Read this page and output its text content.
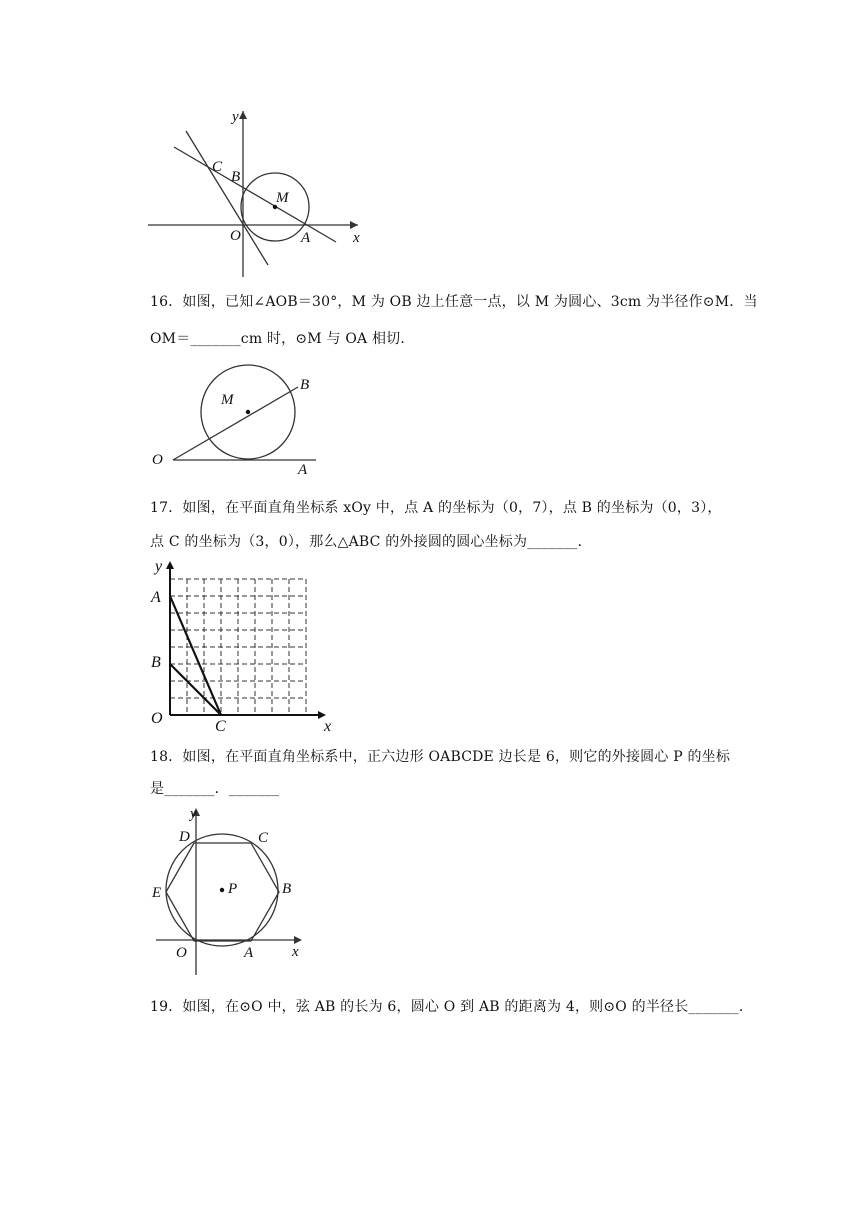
y
x
O	A
B
C
M
16．如图，已知∠AOB＝30°，M 为 OB 边上任意一点，以 M 为圆心、3cm 为半径作⊙M．当
OM＝_______cm 时，⊙M 与 OA 相切．
O
A
B
M
17．如图，在平面直角坐标系 xOy 中，点 A 的坐标为（0，7），点 B 的坐标为（0，3），
点 C 的坐标为（3，0），那么△ABC 的外接圆的圆心坐标为_______．
y
x
O
A
B
C
18．如图，在平面直角坐标系中，正六边形 OABCDE 边长是 6，则它的外接圆心 P 的坐标
是_______．_______
y
x
O	A
B
C
D
E	P
19．如图，在⊙O 中，弦 AB 的长为 6，圆心 O 到 AB 的距离为 4，则⊙O 的半径长_______．
